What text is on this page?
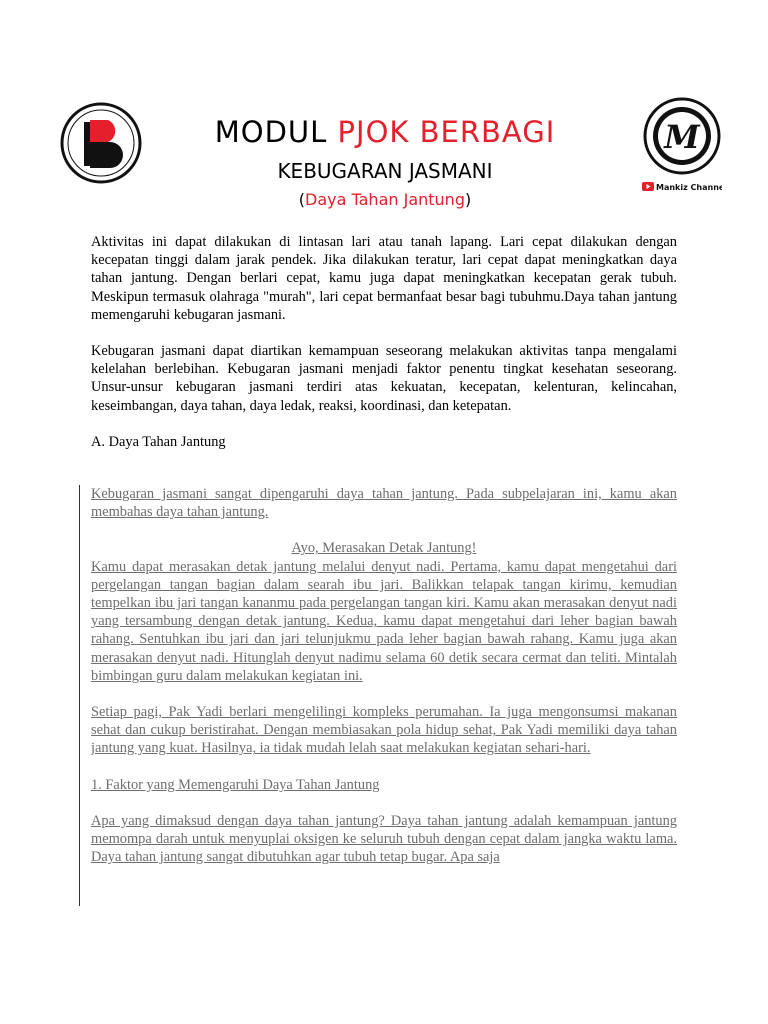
M
Mankiz Channel
MODUL PJOK BERBAGI
KEBUGARAN JASMANI
(Daya Tahan Jantung)

Aktivitas ini dapat dilakukan di lintasan lari atau tanah lapang. Lari cepat dilakukan dengan kecepatan tinggi dalam jarak pendek. Jika dilakukan teratur, lari cepat dapat meningkatkan daya tahan jantung. Dengan berlari cepat, kamu juga dapat meningkatkan kecepatan gerak tubuh. Meskipun termasuk olahraga "murah", lari cepat bermanfaat besar bagi tubuhmu.Daya tahan jantung memengaruhi kebugaran jasmani.

Kebugaran jasmani dapat diartikan kemampuan seseorang melakukan aktivitas tanpa mengalami kelelahan berlebihan. Kebugaran jasmani menjadi faktor penentu tingkat kesehatan seseorang. Unsur-unsur kebugaran jasmani terdiri atas kekuatan, kecepatan, kelenturan, kelincahan, keseimbangan, daya tahan, daya ledak, reaksi, koordinasi, dan ketepatan.

A. Daya Tahan Jantung

Kebugaran jasmani sangat dipengaruhi daya tahan jantung. Pada subpelajaran ini, kamu akan membahas daya tahan jantung.

Ayo, Merasakan Detak Jantung!

Kamu dapat merasakan detak jantung melalui denyut nadi. Pertama, kamu dapat mengetahui dari pergelangan tangan bagian dalam searah ibu jari. Balikkan telapak tangan kirimu, kemudian tempelkan ibu jari tangan kananmu pada pergelangan tangan kiri. Kamu akan merasakan denyut nadi yang tersambung dengan detak jantung. Kedua, kamu dapat mengetahui dari leher bagian bawah rahang. Sentuhkan ibu jari dan jari telunjukmu pada leher bagian bawah rahang. Kamu juga akan merasakan denyut nadi. Hitunglah denyut nadimu selama 60 detik secara cermat dan teliti. Mintalah bimbingan guru dalam melakukan kegiatan ini.

Setiap pagi, Pak Yadi berlari mengelilingi kompleks perumahan. Ia juga mengonsumsi makanan sehat dan cukup beristirahat. Dengan membiasakan pola hidup sehat, Pak Yadi memiliki daya tahan jantung yang kuat. Hasilnya, ia tidak mudah lelah saat melakukan kegiatan sehari-hari.

1. Faktor yang Memengaruhi Daya Tahan Jantung

Apa yang dimaksud dengan daya tahan jantung? Daya tahan jantung adalah kemampuan jantung memompa darah untuk menyuplai oksigen ke seluruh tubuh dengan cepat dalam jangka waktu lama. Daya tahan jantung sangat dibutuhkan agar tubuh tetap bugar. Apa saja
